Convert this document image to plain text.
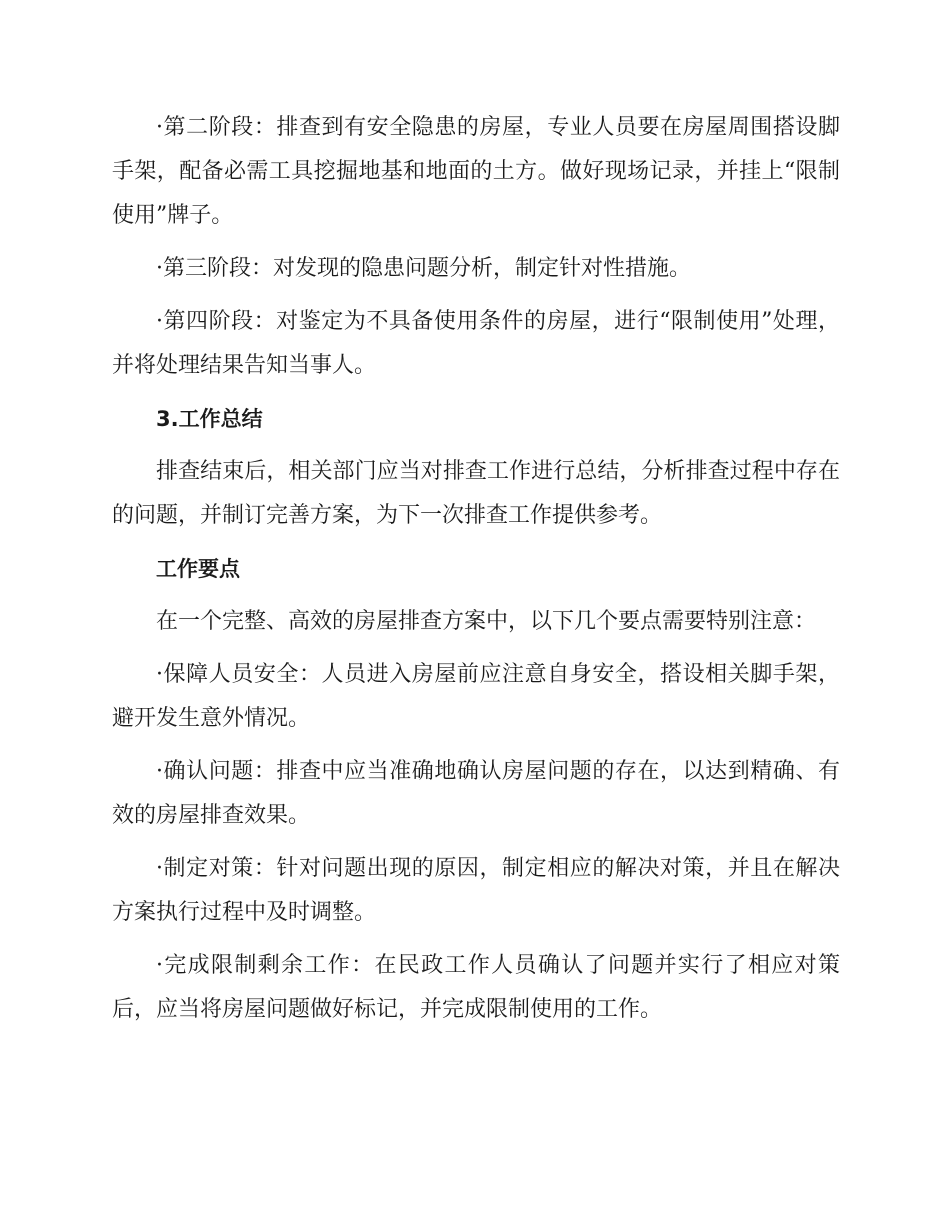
·第二阶段：排查到有安全隐患的房屋，专业人员要在房屋周围搭设脚手架，配备必需工具挖掘地基和地面的土方。做好现场记录，并挂上“限制使用”牌子。

·第三阶段：对发现的隐患问题分析，制定针对性措施。

·第四阶段：对鉴定为不具备使用条件的房屋，进行“限制使用”处理，并将处理结果告知当事人。

3.工作总结

排查结束后，相关部门应当对排查工作进行总结，分析排查过程中存在的问题，并制订完善方案，为下一次排查工作提供参考。

工作要点

在一个完整、高效的房屋排查方案中，以下几个要点需要特别注意：

·保障人员安全：人员进入房屋前应注意自身安全，搭设相关脚手架，避开发生意外情况。

·确认问题：排查中应当准确地确认房屋问题的存在，以达到精确、有效的房屋排查效果。

·制定对策：针对问题出现的原因，制定相应的解决对策，并且在解决方案执行过程中及时调整。

·完成限制剩余工作：在民政工作人员确认了问题并实行了相应对策后，应当将房屋问题做好标记，并完成限制使用的工作。
